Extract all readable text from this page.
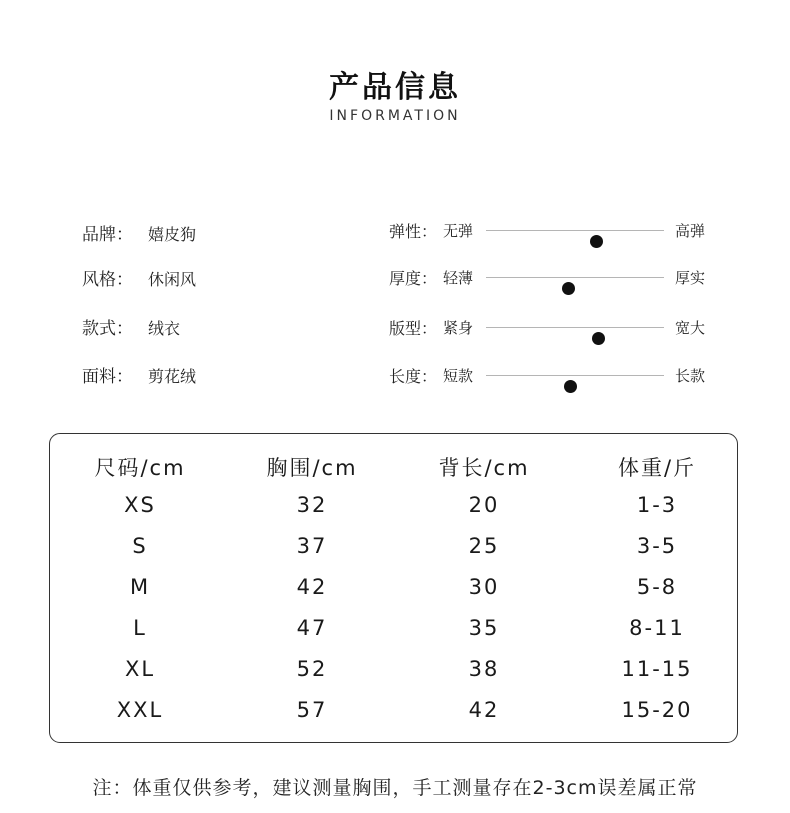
产品信息
INFORMATION
品牌： 嬉皮狗
风格： 休闲风
款式： 绒衣
面料： 剪花绒
弹性： 无弹	高弹
厚度： 轻薄	厚实
版型： 紧身	宽大
长度： 短款	长款
尺码/cm	胸围/cm	背长/cm	体重/斤
XS	32	20	1-3
S	37	25	3-5
M	42	30	5-8
L	47	35	8-11
XL	52	38	11-15
XXL	57	42	15-20
注：体重仅供参考，建议测量胸围，手工测量存在2-3cm误差属正常
